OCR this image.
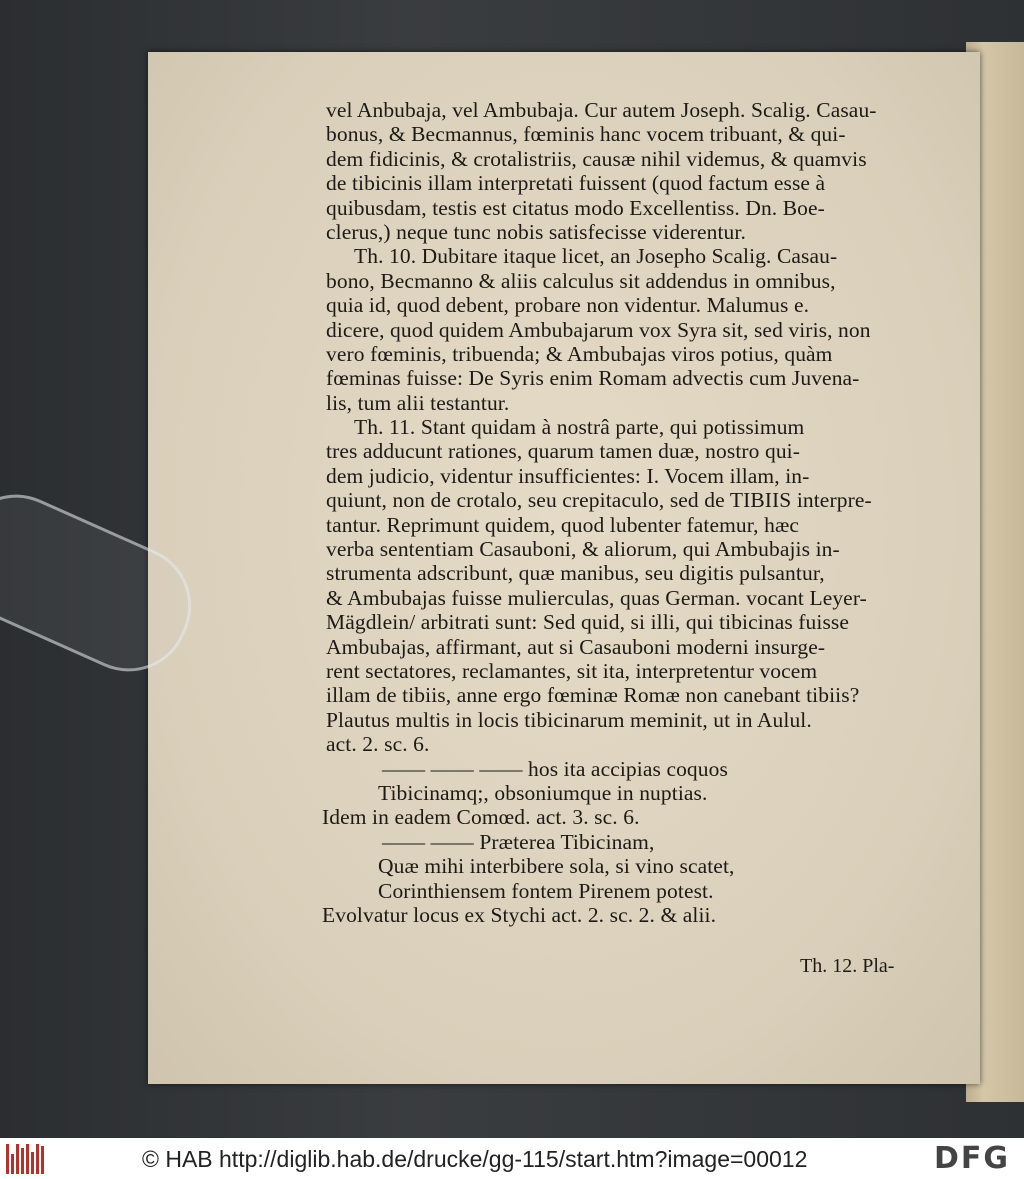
vel Anbubaja, vel Ambubaja. Cur autem Joseph. Scalig. Casau-
bonus, & Becmannus, fœminis hanc vocem tribuant, & qui-
dem fidicinis, & crotalistriis, causæ nihil videmus, & quamvis
de tibicinis illam interpretati fuissent (quod factum esse à
quibusdam, testis est citatus modo Excellentiss. Dn. Boe-
clerus,) neque tunc nobis satisfecisse viderentur.
Th. 10. Dubitare itaque licet, an Josepho Scalig. Casau-
bono, Becmanno & aliis calculus sit addendus in omnibus,
quia id, quod debent, probare non videntur. Malumus e.
dicere, quod quidem Ambubajarum vox Syra sit, sed viris, non
vero fœminis, tribuenda; & Ambubajas viros potius, quàm
fœminas fuisse: De Syris enim Romam advectis cum Juvena-
lis, tum alii testantur.
Th. 11. Stant quidam à nostrâ parte, qui potissimum
tres adducunt rationes, quarum tamen duæ, nostro qui-
dem judicio, videntur insufficientes: I. Vocem illam, in-
quiunt, non de crotalo, seu crepitaculo, sed de TIBIIS interpre-
tantur. Reprimunt quidem, quod lubenter fatemur, hæc
verba sententiam Casauboni, & aliorum, qui Ambubajis in-
strumenta adscribunt, quæ manibus, seu digitis pulsantur,
& Ambubajas fuisse mulierculas, quas German. vocant Leyer-
Mägdlein/ arbitrati sunt: Sed quid, si illi, qui tibicinas fuisse
Ambubajas, affirmant, aut si Casauboni moderni insurge-
rent sectatores, reclamantes, sit ita, interpretentur vocem
illam de tibiis, anne ergo fœminæ Romæ non canebant tibiis?
Plautus multis in locis tibicinarum meminit, ut in Aulul.
act. 2. sc. 6.
—— —— —— hos ita accipias coquos
Tibicinamq;, obsoniumque in nuptias.
Idem in eadem Comœd. act. 3. sc. 6.
—— —— Præterea Tibicinam,
Quæ mihi interbibere sola, si vino scatet,
Corinthiensem fontem Pirenem potest.
Evolvatur locus ex Stychi act. 2. sc. 2. & alii.
Th. 12. Pla-
© HAB http://diglib.hab.de/drucke/gg-115/start.htm?image=00012	DFG
